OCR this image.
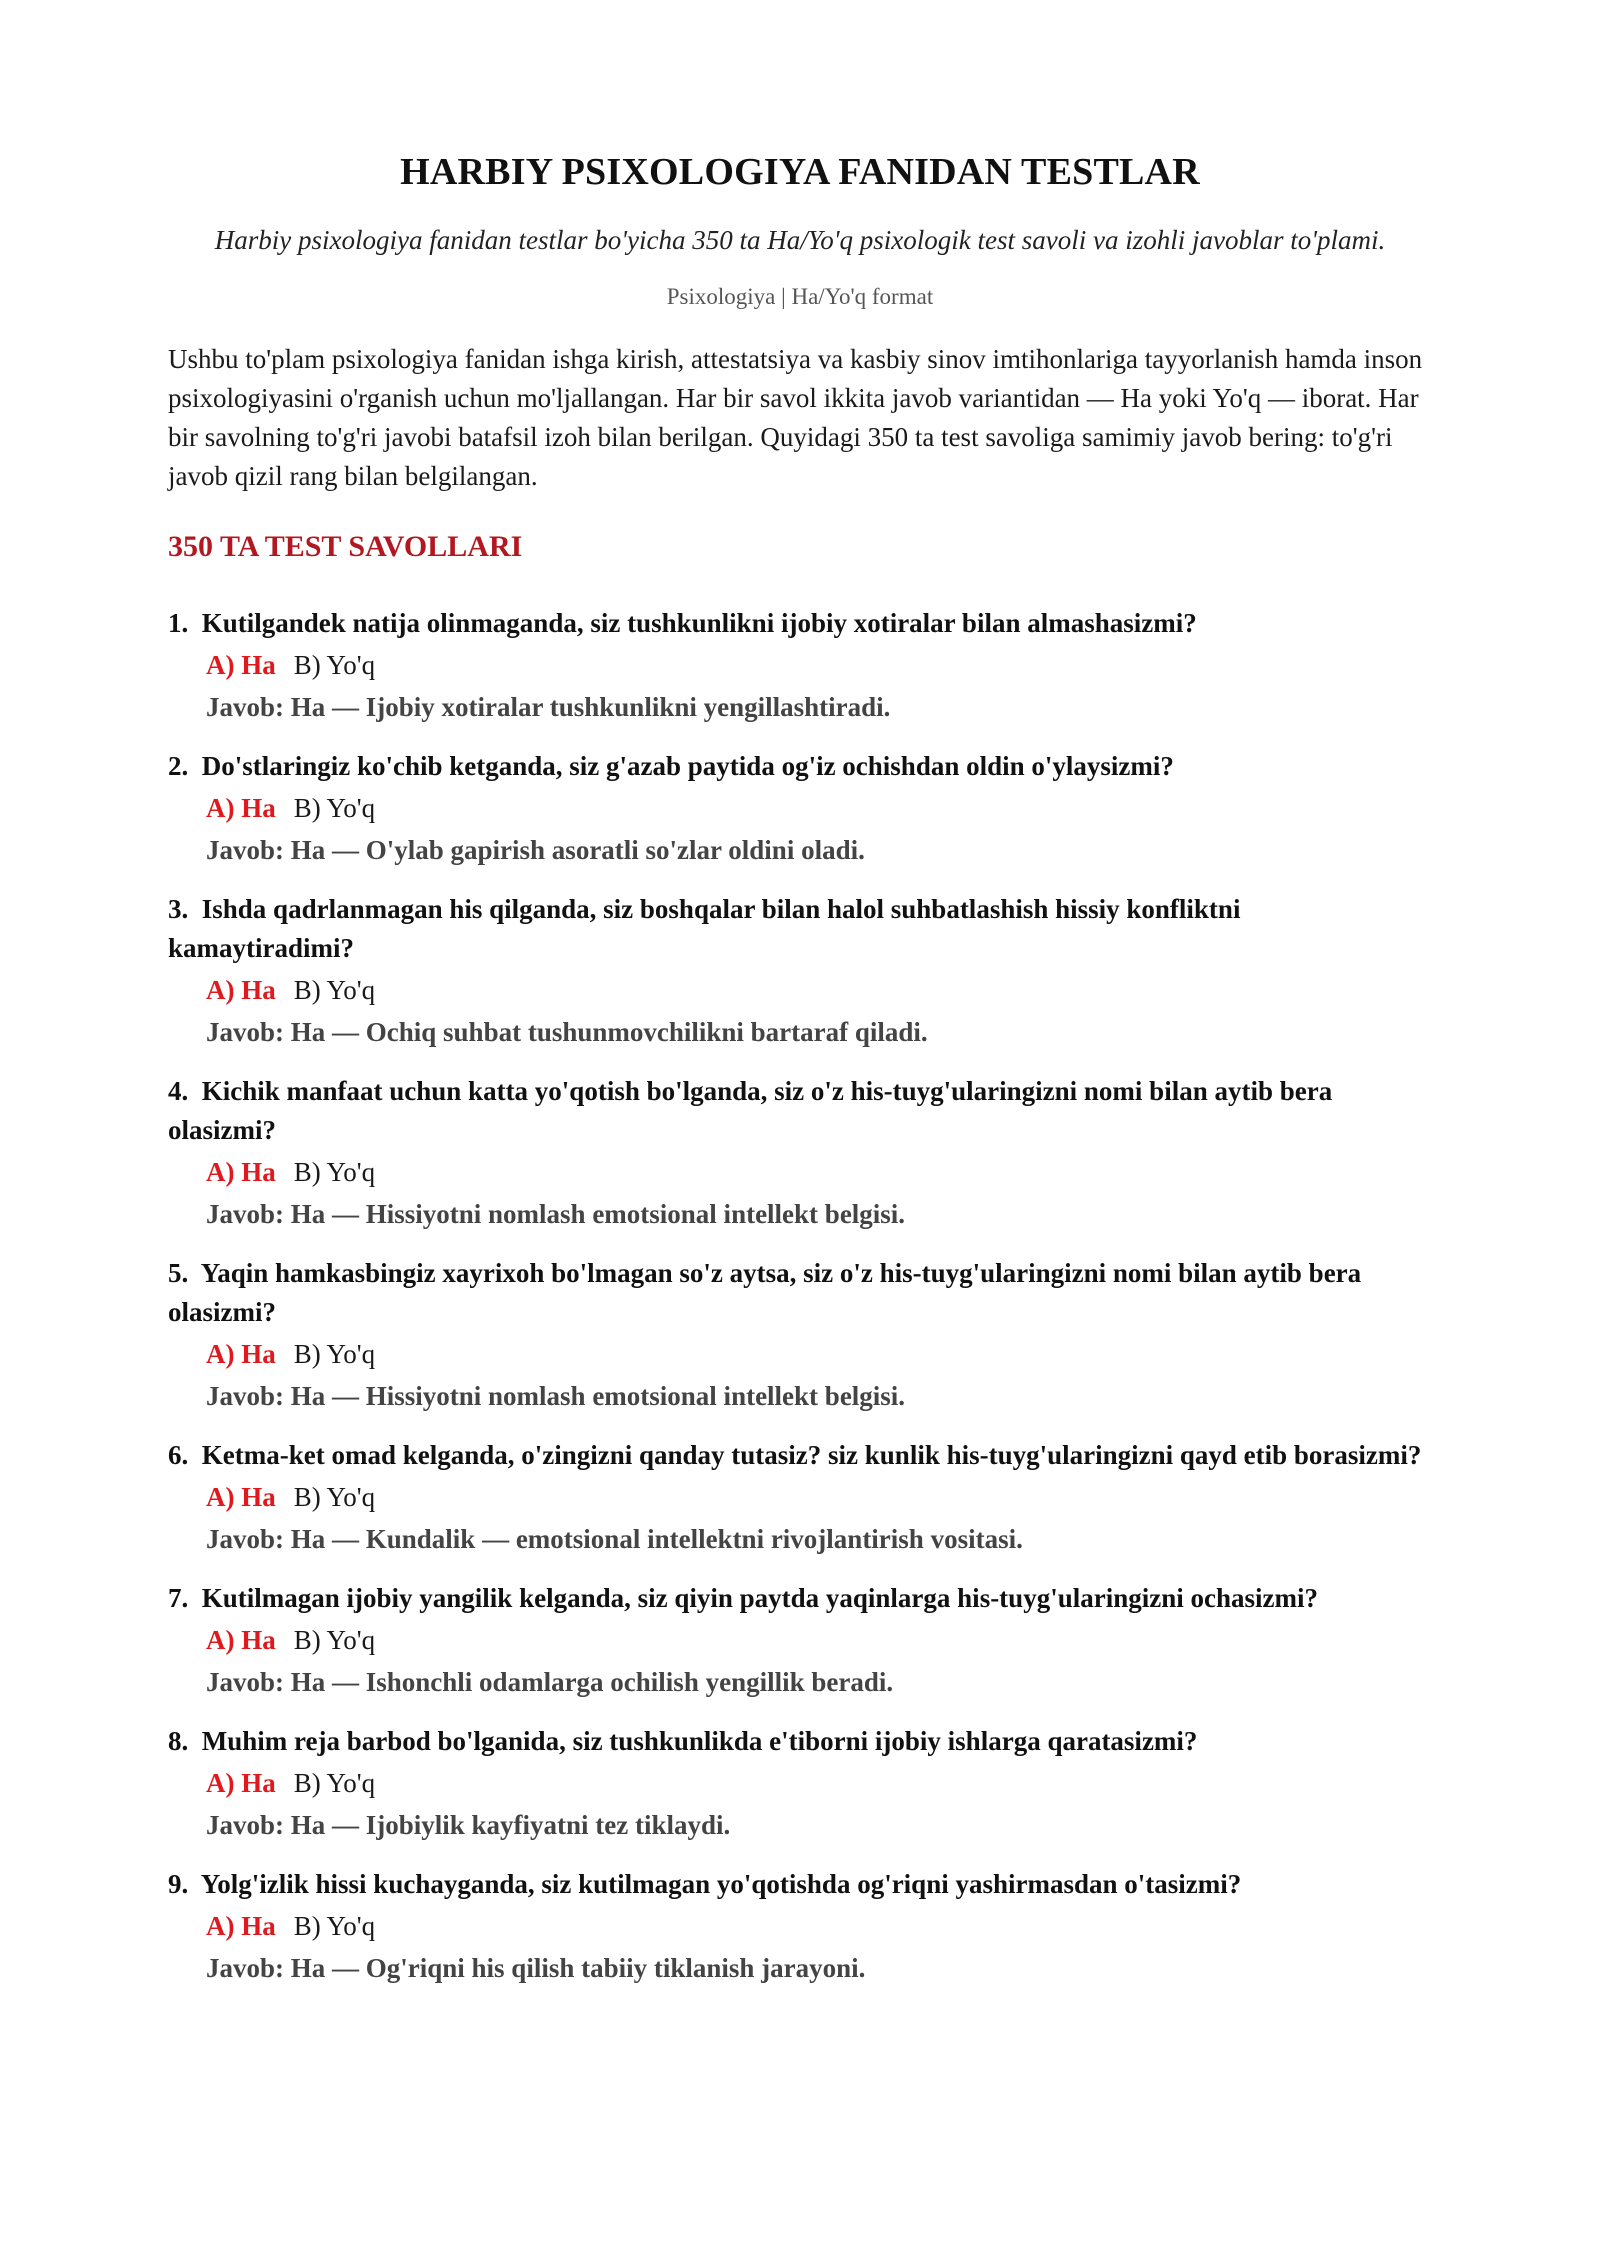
HARBIY PSIXOLOGIYA FANIDAN TESTLAR

Harbiy psixologiya fanidan testlar bo'yicha 350 ta Ha/Yo'q psixologik test savoli va izohli javoblar to'plami.

Psixologiya | Ha/Yo'q format

Ushbu to'plam psixologiya fanidan ishga kirish, attestatsiya va kasbiy sinov imtihonlariga tayyorlanish hamda inson psixologiyasini o'rganish uchun mo'ljallangan. Har bir savol ikkita javob variantidan — Ha yoki Yo'q — iborat. Har bir savolning to'g'ri javobi batafsil izoh bilan berilgan. Quyidagi 350 ta test savoliga samimiy javob bering: to'g'ri javob qizil rang bilan belgilangan.

350 TA TEST SAVOLLARI

1. Kutilgandek natija olinmaganda, siz tushkunlikni ijobiy xotiralar bilan almashasizmi?

A) Ha B) Yo'q
Javob: Ha — Ijobiy xotiralar tushkunlikni yengillashtiradi.

2. Do'stlaringiz ko'chib ketganda, siz g'azab paytida og'iz ochishdan oldin o'ylaysizmi?

A) Ha B) Yo'q
Javob: Ha — O'ylab gapirish asoratli so'zlar oldini oladi.

3. Ishda qadrlanmagan his qilganda, siz boshqalar bilan halol suhbatlashish hissiy konfliktni kamaytiradimi?

A) Ha B) Yo'q
Javob: Ha — Ochiq suhbat tushunmovchilikni bartaraf qiladi.

4. Kichik manfaat uchun katta yo'qotish bo'lganda, siz o'z his-tuyg'ularingizni nomi bilan aytib bera olasizmi?

A) Ha B) Yo'q
Javob: Ha — Hissiyotni nomlash emotsional intellekt belgisi.

5. Yaqin hamkasbingiz xayrixoh bo'lmagan so'z aytsa, siz o'z his-tuyg'ularingizni nomi bilan aytib bera olasizmi?

A) Ha B) Yo'q
Javob: Ha — Hissiyotni nomlash emotsional intellekt belgisi.

6. Ketma-ket omad kelganda, o'zingizni qanday tutasiz? siz kunlik his-tuyg'ularingizni qayd etib borasizmi?

A) Ha B) Yo'q
Javob: Ha — Kundalik — emotsional intellektni rivojlantirish vositasi.

7. Kutilmagan ijobiy yangilik kelganda, siz qiyin paytda yaqinlarga his-tuyg'ularingizni ochasizmi?

A) Ha B) Yo'q
Javob: Ha — Ishonchli odamlarga ochilish yengillik beradi.

8. Muhim reja barbod bo'lganida, siz tushkunlikda e'tiborni ijobiy ishlarga qaratasizmi?

A) Ha B) Yo'q
Javob: Ha — Ijobiylik kayfiyatni tez tiklaydi.

9. Yolg'izlik hissi kuchayganda, siz kutilmagan yo'qotishda og'riqni yashirmasdan o'tasizmi?

A) Ha B) Yo'q
Javob: Ha — Og'riqni his qilish tabiiy tiklanish jarayoni.
